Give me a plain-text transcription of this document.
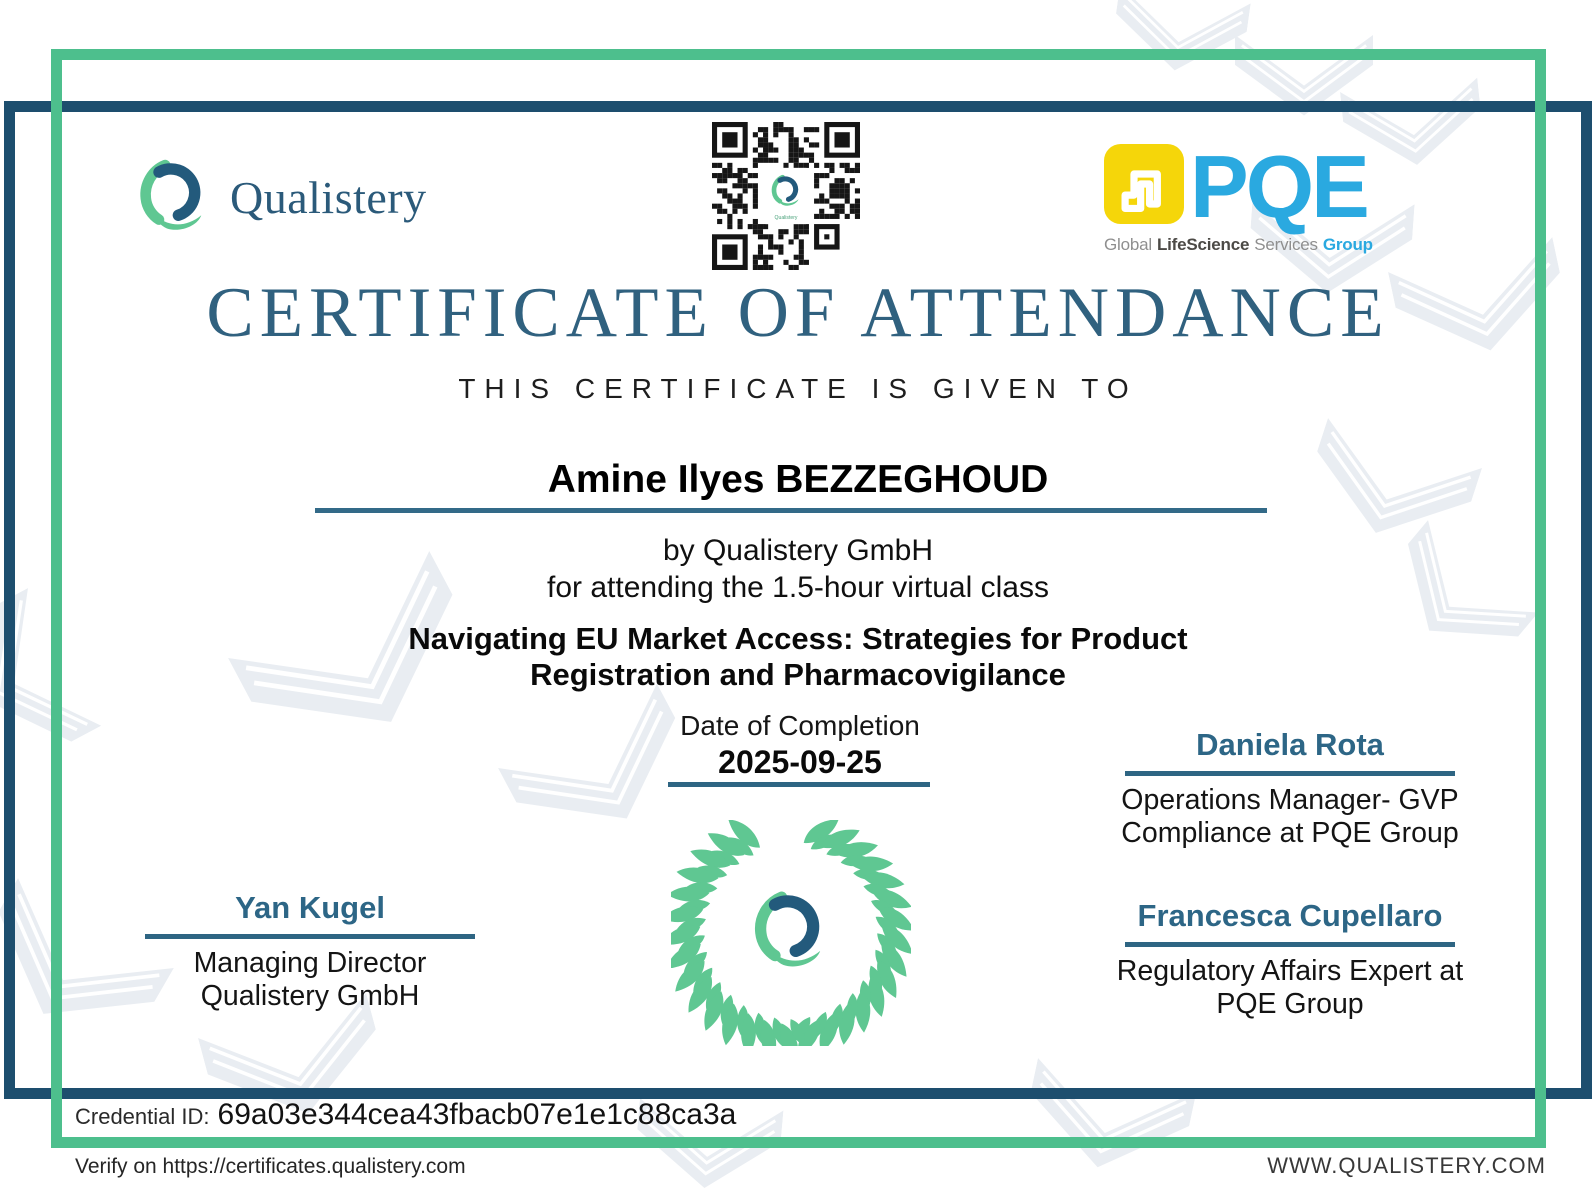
Qualistery	Qualistery	PQE
Global LifeScience Services Group
CERTIFICATE OF ATTENDANCE
THIS CERTIFICATE IS GIVEN TO
Amine Ilyes BEZZEGHOUD
by Qualistery GmbH
for attending the 1.5-hour virtual class
Navigating EU Market Access: Strategies for Product
Registration and Pharmacovigilance
Date of Completion
2025-09-25
Yan Kugel
Managing Director
Qualistery GmbH
Daniela Rota
Operations Manager- GVP
Compliance at PQE Group
Francesca Cupellaro
Regulatory Affairs Expert at
PQE Group
Credential ID: 69a03e344cea43fbacb07e1e1c88ca3a
Verify on https://certificates.qualistery.com	WWW.QUALISTERY.COM
